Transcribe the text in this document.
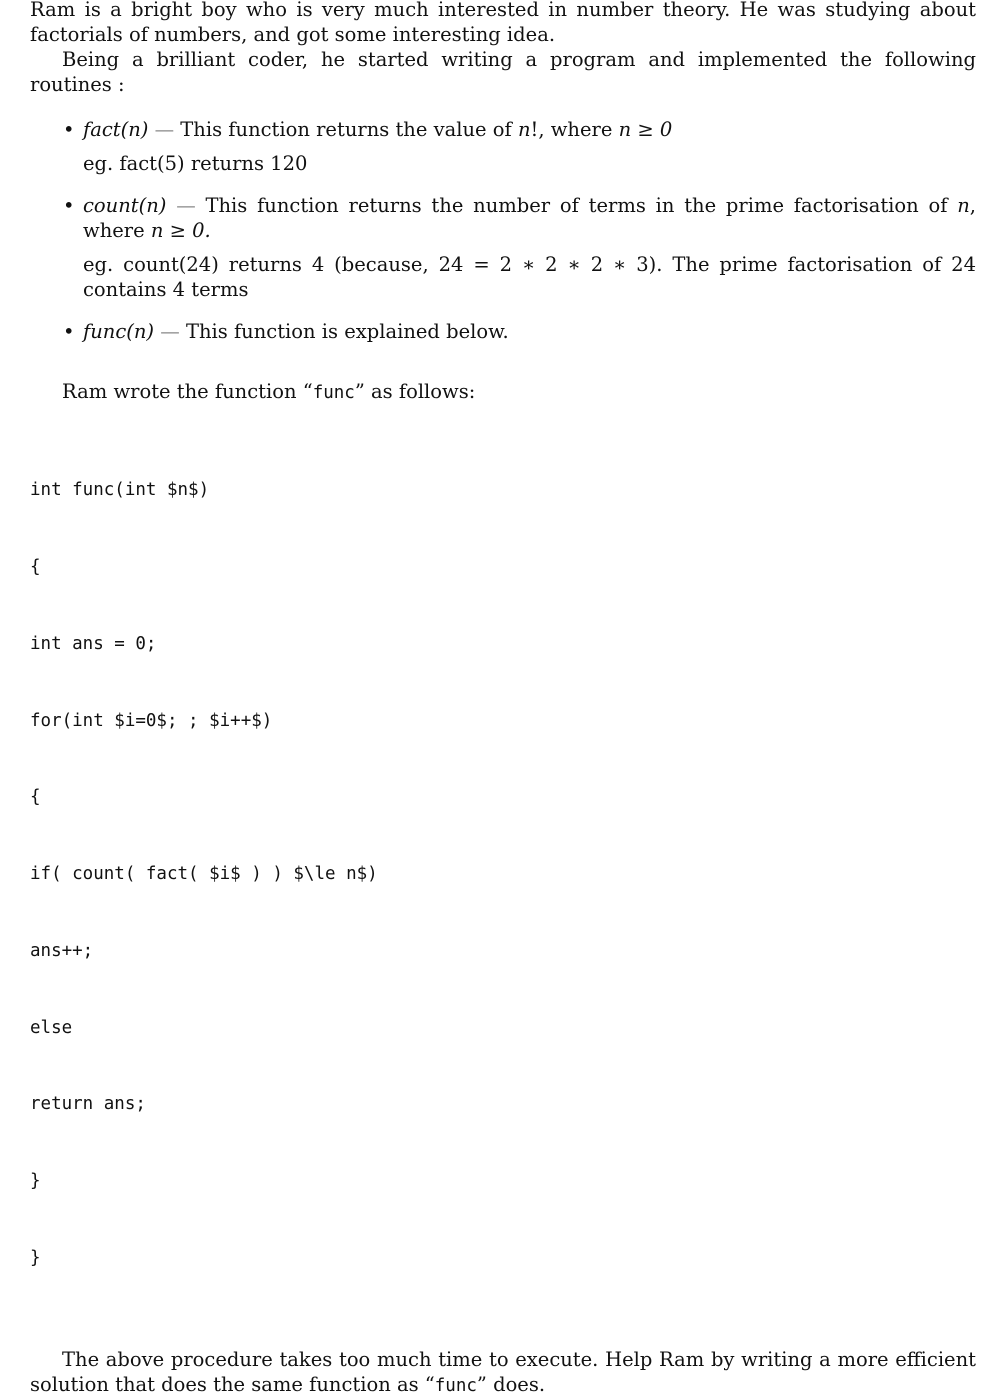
Ram is a bright boy who is very much interested in number theory. He was studying about factorials of numbers, and got some interesting idea.

Being a brilliant coder, he started writing a program and implemented the following routines :

• fact(n) — This function returns the value of n!, where n ≥ 0

eg. fact(5) returns 120

• count(n) — This function returns the number of terms in the prime factorisation of n, where n ≥ 0.

eg. count(24) returns 4 (because, 24 = 2 ∗ 2 ∗ 2 ∗ 3). The prime factorisation of 24 contains 4 terms

• func(n) — This function is explained below.

Ram wrote the function “func” as follows:

int func(int $n$)

{

int ans = 0;

for(int $i=0$; ; $i++$)

{

if( count( fact( $i$ ) ) $\le n$)

ans++;

else

return ans;

}

}

The above procedure takes too much time to execute. Help Ram by writing a more efficient solution that does the same function as “func” does.
